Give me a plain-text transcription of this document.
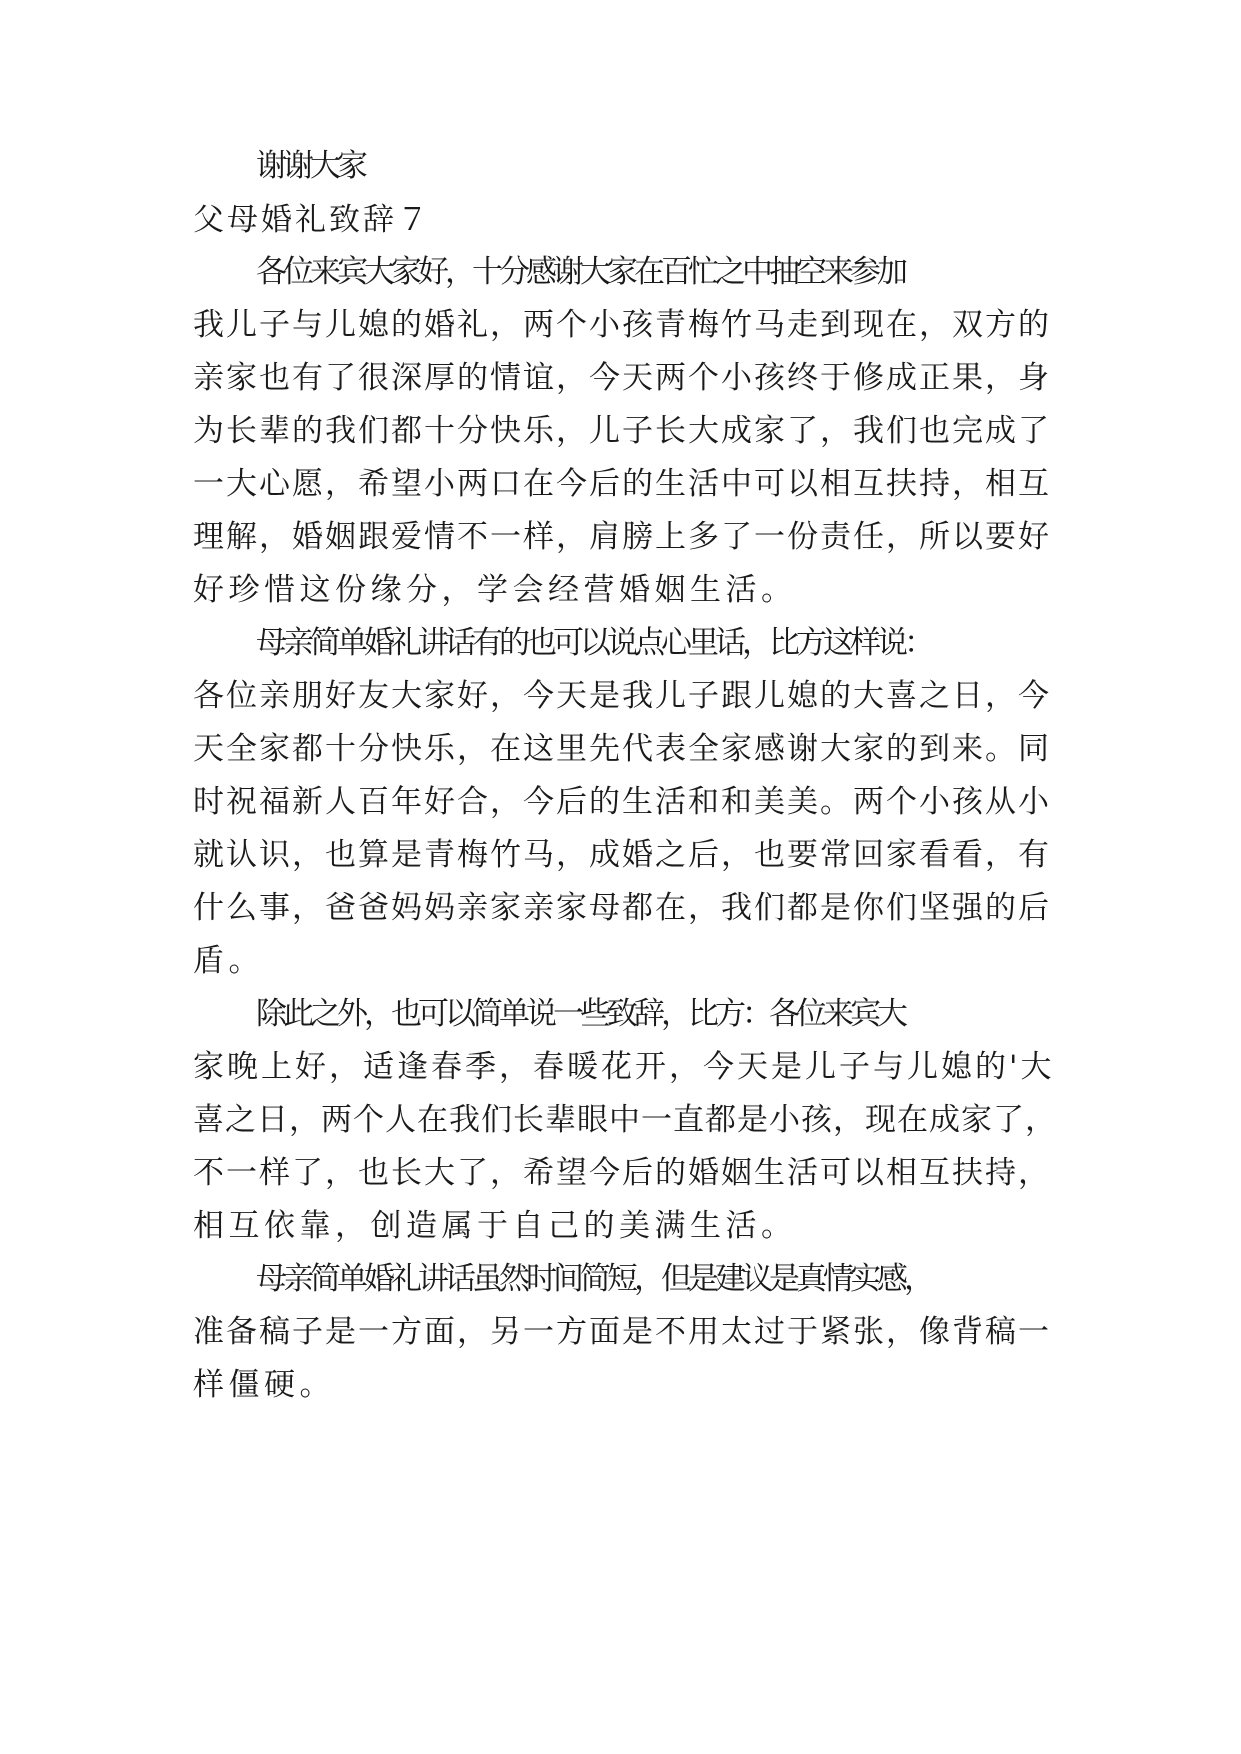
谢谢大家
父母婚礼致辞７
各位来宾大家好，十分感谢大家在百忙之中抽空来参加
我儿子与儿媳的婚礼，两个小孩青梅竹马走到现在，双方的
亲家也有了很深厚的情谊，今天两个小孩终于修成正果，身
为长辈的我们都十分快乐，儿子长大成家了，我们也完成了
一大心愿，希望小两口在今后的生活中可以相互扶持，相互
理解，婚姻跟爱情不一样，肩膀上多了一份责任，所以要好
好珍惜这份缘分，学会经营婚姻生活。
母亲简单婚礼讲话有的也可以说点心里话，比方这样说：
各位亲朋好友大家好，今天是我儿子跟儿媳的大喜之日，今
天全家都十分快乐，在这里先代表全家感谢大家的到来。同
时祝福新人百年好合，今后的生活和和美美。两个小孩从小
就认识，也算是青梅竹马，成婚之后，也要常回家看看，有
什么事，爸爸妈妈亲家亲家母都在，我们都是你们坚强的后
盾。
除此之外，也可以简单说一些致辞，比方：各位来宾大
家晚上好，适逢春季，春暖花开，今天是儿子与儿媳的'大
喜之日，两个人在我们长辈眼中一直都是小孩，现在成家了，
不一样了，也长大了，希望今后的婚姻生活可以相互扶持，
相互依靠，创造属于自己的美满生活。
母亲简单婚礼讲话虽然时间简短，但是建议是真情实感，
准备稿子是一方面，另一方面是不用太过于紧张，像背稿一
样僵硬。
